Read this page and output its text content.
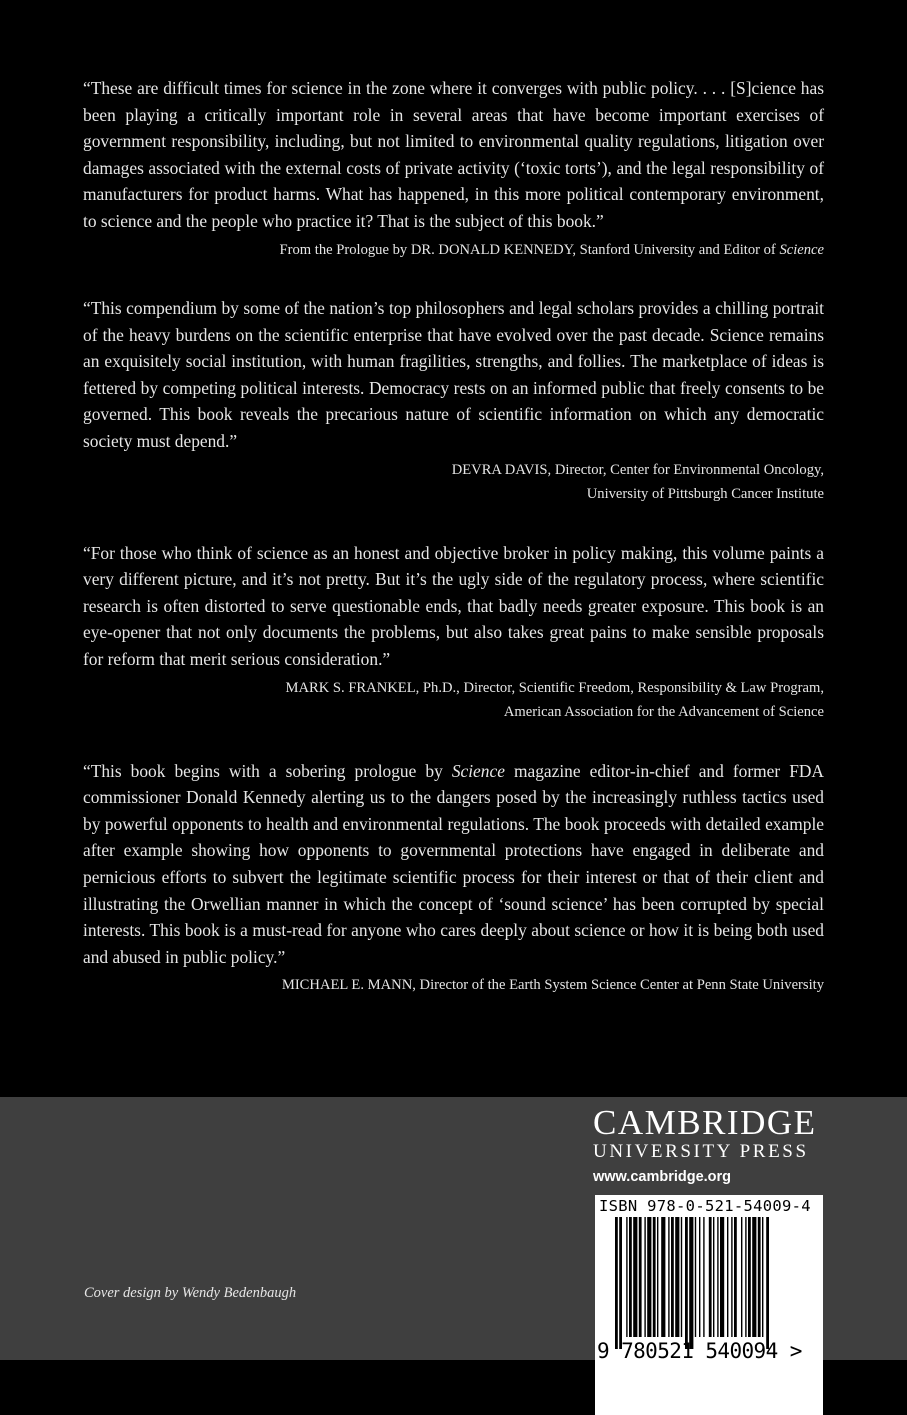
“These are difficult times for science in the zone where it converges with public policy. . . . [S]cience has been playing a critically important role in several areas that have become important exercises of government responsibility, including, but not limited to environmental quality regulations, litigation over damages associated with the external costs of private activity (‘toxic torts’), and the legal responsibility of manufacturers for product harms. What has happened, in this more political contemporary environment, to science and the people who practice it? That is the subject of this book.”

From the Prologue by DR. DONALD KENNEDY, Stanford University and Editor of Science

“This compendium by some of the nation’s top philosophers and legal scholars provides a chilling portrait of the heavy burdens on the scientific enterprise that have evolved over the past decade. Science remains an exquisitely social institution, with human fragilities, strengths, and follies. The marketplace of ideas is fettered by competing political interests. Democracy rests on an informed public that freely consents to be governed. This book reveals the precarious nature of scientific information on which any democratic society must depend.”

DEVRA DAVIS, Director, Center for Environmental Oncology,
University of Pittsburgh Cancer Institute

“For those who think of science as an honest and objective broker in policy making, this volume paints a very different picture, and it’s not pretty. But it’s the ugly side of the regulatory process, where scientific research is often distorted to serve questionable ends, that badly needs greater exposure. This book is an eye-opener that not only documents the problems, but also takes great pains to make sensible proposals for reform that merit serious consideration.”

MARK S. FRANKEL, Ph.D., Director, Scientific Freedom, Responsibility & Law Program,
American Association for the Advancement of Science

“This book begins with a sobering prologue by Science magazine editor-in-chief and former FDA commissioner Donald Kennedy alerting us to the dangers posed by the increasingly ruthless tactics used by powerful opponents to health and environmental regulations. The book proceeds with detailed example after example showing how opponents to governmental protections have engaged in deliberate and pernicious efforts to subvert the legitimate scientific process for their interest or that of their client and illustrating the Orwellian manner in which the concept of ‘sound science’ has been corrupted by special interests. This book is a must-read for anyone who cares deeply about science or how it is being both used and abused in public policy.”

MICHAEL E. MANN, Director of the Earth System Science Center at Penn State University

CAMBRIDGE
UNIVERSITY PRESS
www.cambridge.org
ISBN 978-0-521-54009-4
9 780521 540094 >
Cover design by Wendy Bedenbaugh
